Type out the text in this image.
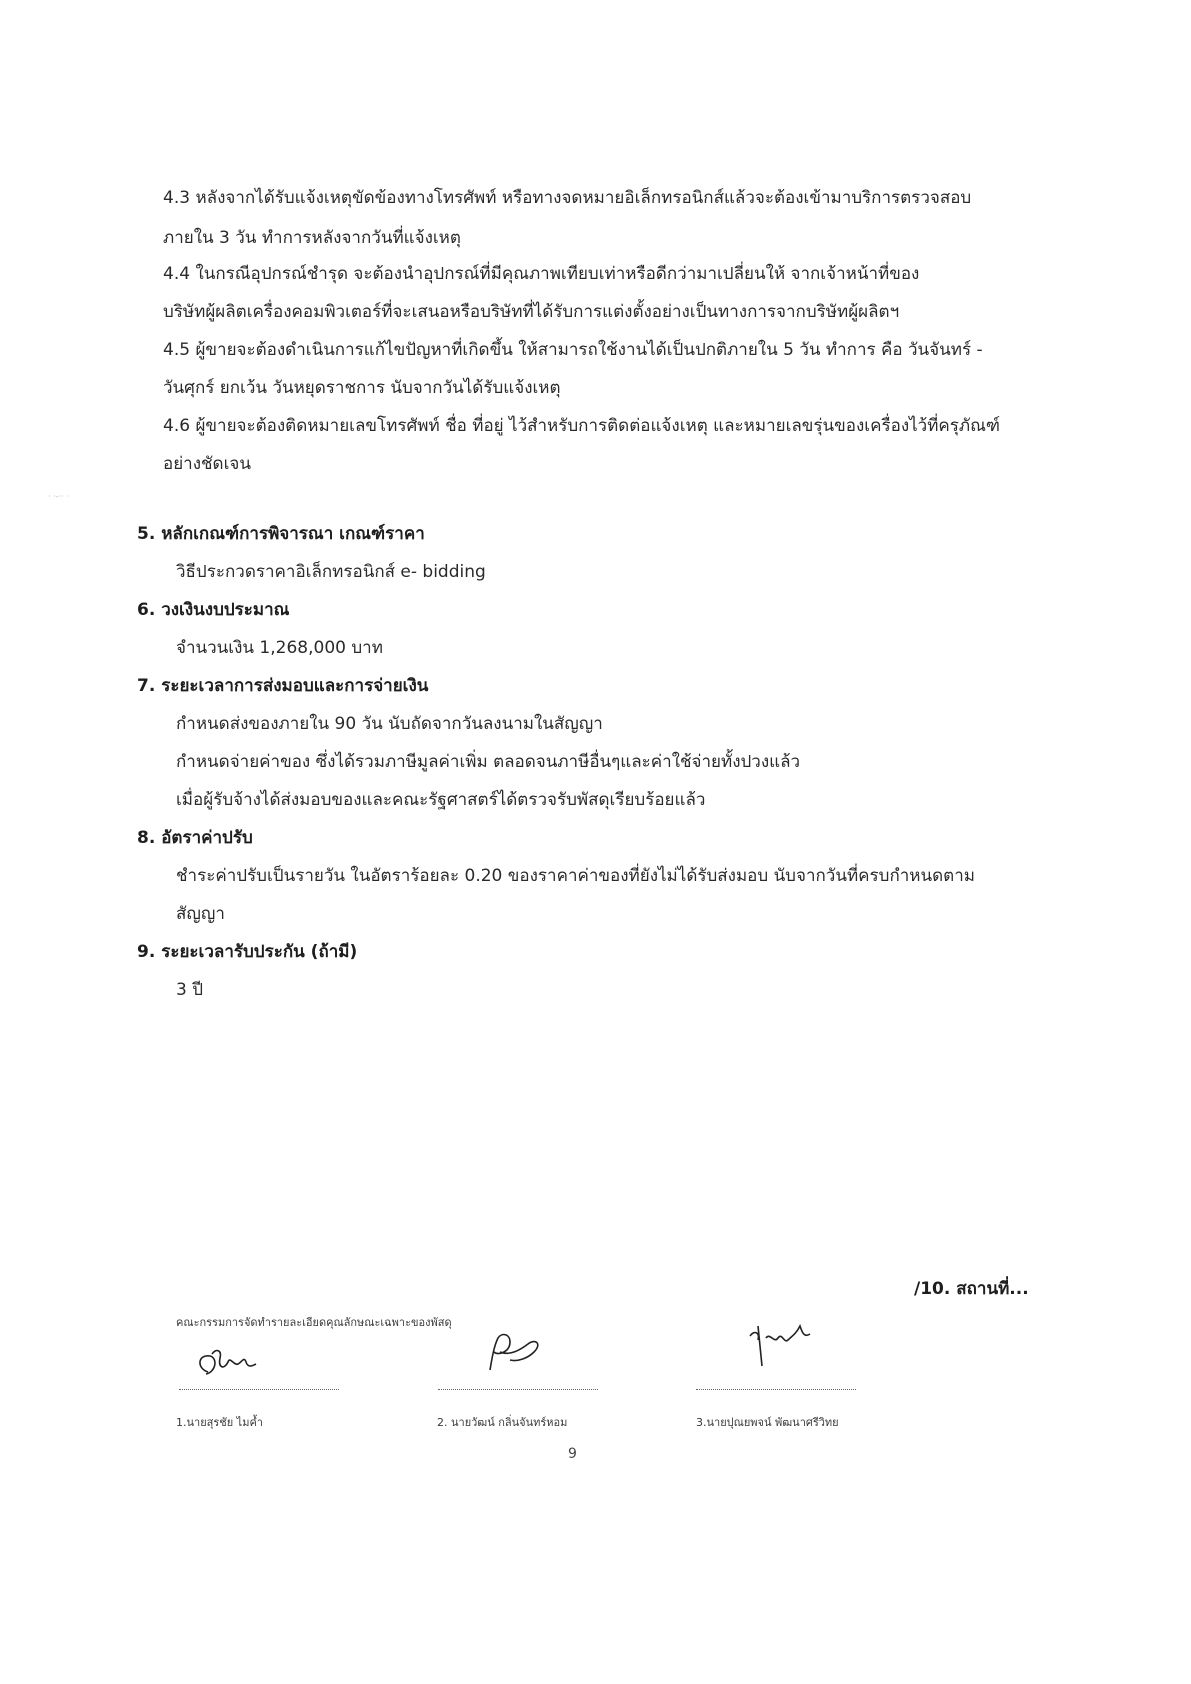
4.3 หลังจากได้รับแจ้งเหตุขัดข้องทางโทรศัพท์ หรือทางจดหมายอิเล็กทรอนิกส์แล้วจะต้องเข้ามาบริการตรวจสอบ
ภายใน 3 วัน ทำการหลังจากวันที่แจ้งเหตุ
4.4 ในกรณีอุปกรณ์ชำรุด จะต้องนำอุปกรณ์ที่มีคุณภาพเทียบเท่าหรือดีกว่ามาเปลี่ยนให้ จากเจ้าหน้าที่ของ
บริษัทผู้ผลิตเครื่องคอมพิวเตอร์ที่จะเสนอหรือบริษัทที่ได้รับการแต่งตั้งอย่างเป็นทางการจากบริษัทผู้ผลิตฯ
4.5 ผู้ขายจะต้องดำเนินการแก้ไขปัญหาที่เกิดขึ้น ให้สามารถใช้งานได้เป็นปกติภายใน 5 วัน ทำการ คือ วันจันทร์ -
วันศุกร์ ยกเว้น วันหยุดราชการ นับจากวันได้รับแจ้งเหตุ
4.6 ผู้ขายจะต้องติดหมายเลขโทรศัพท์ ชื่อ ที่อยู่ ไว้สำหรับการติดต่อแจ้งเหตุ และหมายเลขรุ่นของเครื่องไว้ที่ครุภัณฑ์
อย่างชัดเจน
· ·-·· ·
5. หลักเกณฑ์การพิจารณา เกณฑ์ราคา
วิธีประกวดราคาอิเล็กทรอนิกส์ e- bidding
6. วงเงินงบประมาณ
จำนวนเงิน 1,268,000 บาท
7. ระยะเวลาการส่งมอบและการจ่ายเงิน
กำหนดส่งของภายใน 90 วัน นับถัดจากวันลงนามในสัญญา
กำหนดจ่ายค่าของ ซึ่งได้รวมภาษีมูลค่าเพิ่ม ตลอดจนภาษีอื่นๆและค่าใช้จ่ายทั้งปวงแล้ว
เมื่อผู้รับจ้างได้ส่งมอบของและคณะรัฐศาสตร์ได้ตรวจรับพัสดุเรียบร้อยแล้ว
8. อัตราค่าปรับ
ชำระค่าปรับเป็นรายวัน ในอัตราร้อยละ 0.20 ของราคาค่าของที่ยังไม่ได้รับส่งมอบ นับจากวันที่ครบกำหนดตาม
สัญญา
9. ระยะเวลารับประกัน (ถ้ามี)
3 ปี
/10. สถานที่...
คณะกรรมการจัดทำรายละเอียดคุณลักษณะเฉพาะของพัสดุ
1.นายสุรชัย ไมค้ำ	2. นายวัฒน์ กลิ่นจันทร์หอม	3.นายปุณยพจน์ พัฒนาศรีวิทย
9
